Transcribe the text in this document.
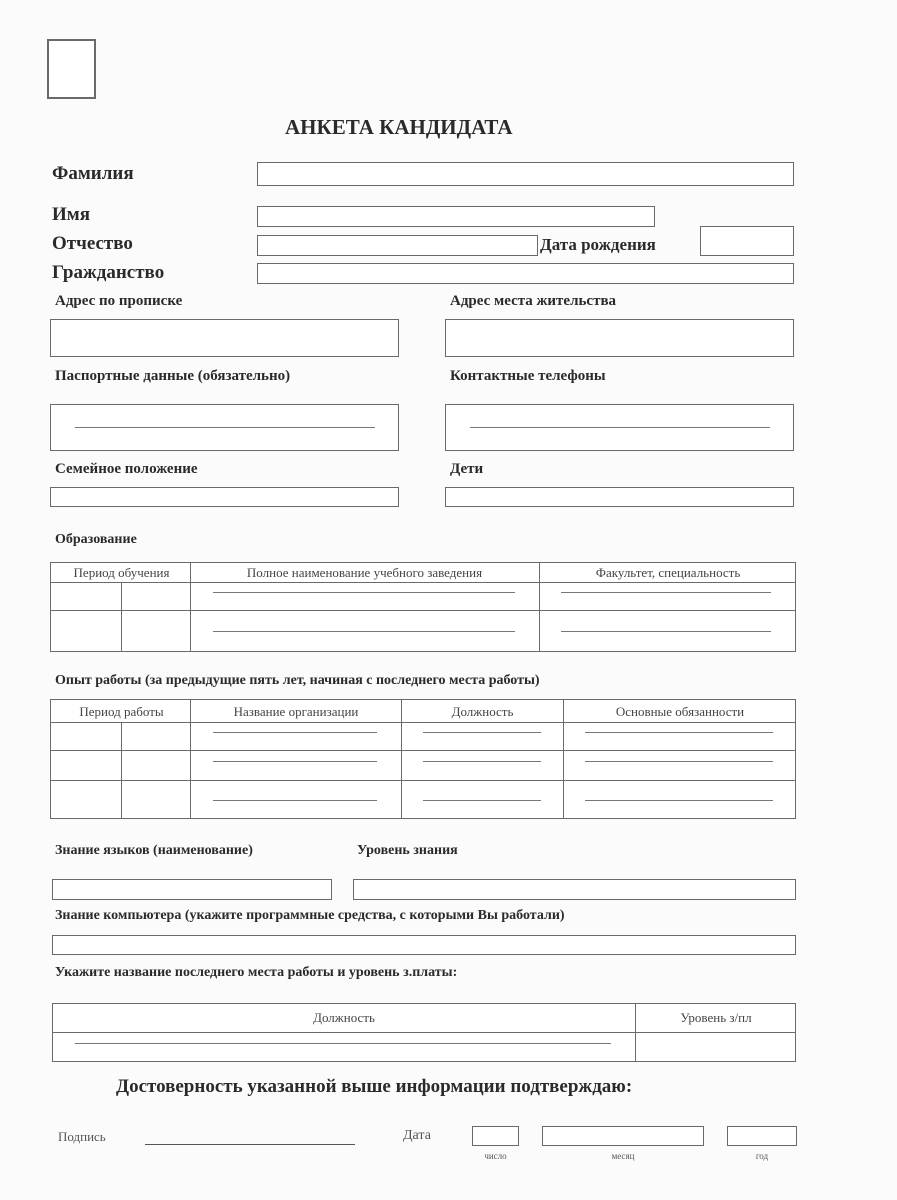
АНКЕТА КАНДИДАТА
Фамилия
Имя
Отчество	Дата рождения
Гражданство
Адрес по прописке	Адрес места жительства
Паспортные данные (обязательно)	Контактные телефоны
Семейное положение	Дети
Образование
Период обучения	Полное наименование учебного заведения	Факультет, специальность
Опыт работы (за предыдущие пять лет, начиная с последнего места работы)
Период работы	Название организации	Должность	Основные обязанности
Знание языков (наименование)	Уровень знания
Знание компьютера (укажите программные средства, с которыми Вы работали)
Укажите название последнего места работы и уровень з.платы:
Должность	Уровень з/пл
Достоверность указанной выше информации подтверждаю:
Подпись	Дата
число	месяц	год
